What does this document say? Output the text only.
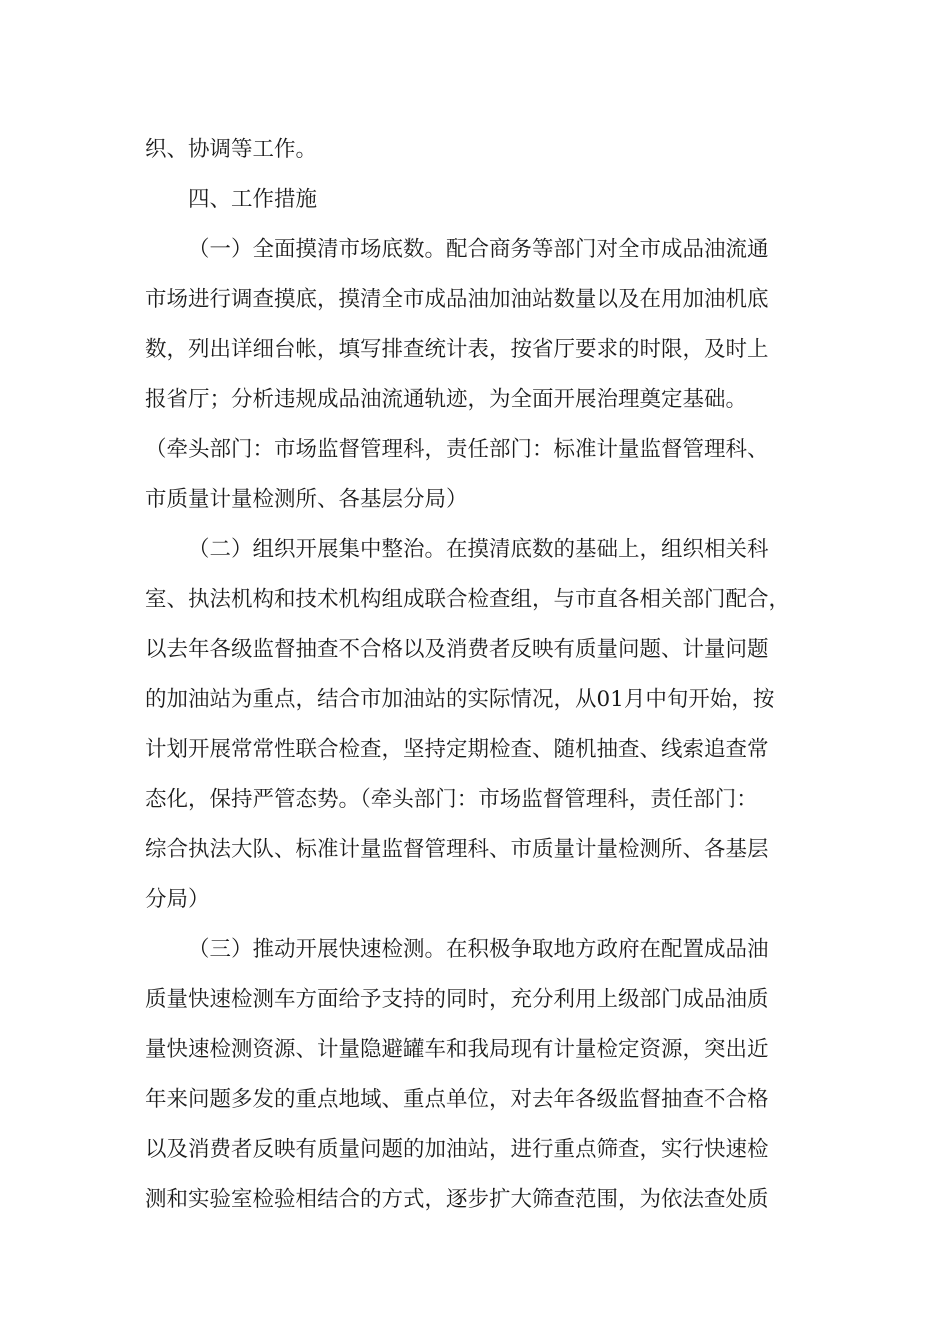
织、协调等工作。
四、工作措施
（一）全面摸清市场底数。配合商务等部门对全市成品油流通
市场进行调查摸底，摸清全市成品油加油站数量以及在用加油机底
数，列出详细台帐，填写排查统计表，按省厅要求的时限，及时上
报省厅；分析违规成品油流通轨迹，为全面开展治理奠定基础。
（牵头部门：市场监督管理科，责任部门：标准计量监督管理科、
市质量计量检测所、各基层分局）
（二）组织开展集中整治。在摸清底数的基础上，组织相关科
室、执法机构和技术机构组成联合检查组，与市直各相关部门配合，
以去年各级监督抽查不合格以及消费者反映有质量问题、计量问题
的加油站为重点，结合市加油站的实际情况，从01月中旬开始，按
计划开展常常性联合检查，坚持定期检查、随机抽查、线索追查常
态化，保持严管态势。（牵头部门：市场监督管理科，责任部门：
综合执法大队、标准计量监督管理科、市质量计量检测所、各基层
分局）
（三）推动开展快速检测。在积极争取地方政府在配置成品油
质量快速检测车方面给予支持的同时，充分利用上级部门成品油质
量快速检测资源、计量隐避罐车和我局现有计量检定资源，突出近
年来问题多发的重点地域、重点单位，对去年各级监督抽查不合格
以及消费者反映有质量问题的加油站，进行重点筛查，实行快速检
测和实验室检验相结合的方式，逐步扩大筛查范围，为依法查处质
